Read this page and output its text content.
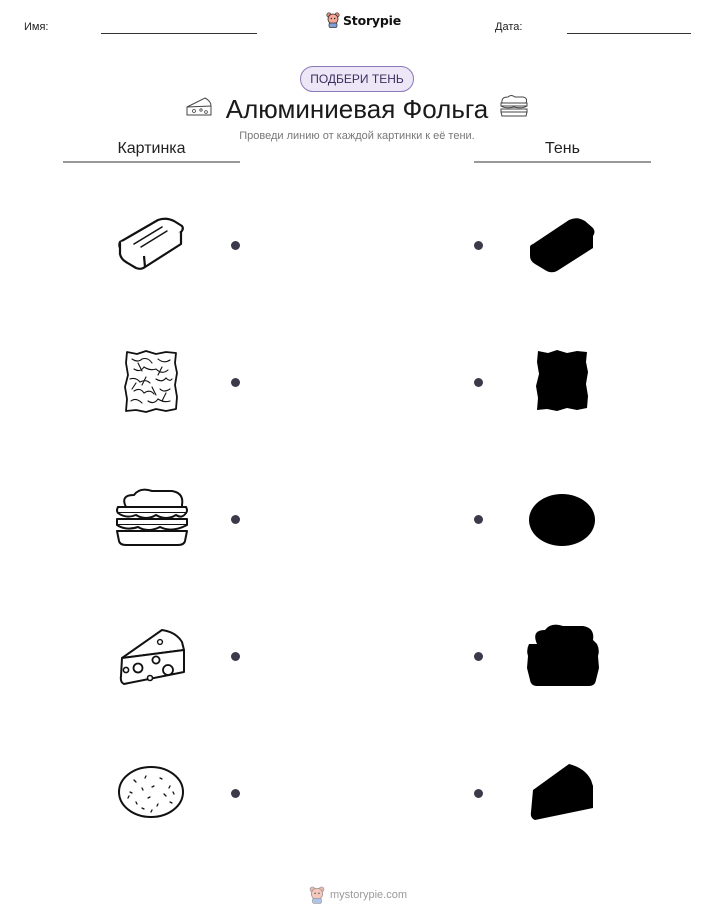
Имя:	Storypie	Дата:
ПОДБЕРИ ТЕНЬ
Алюминиевая Фольга
Проведи линию от каждой картинки к её тени.
Картинка	Тень
mystorypie.com
